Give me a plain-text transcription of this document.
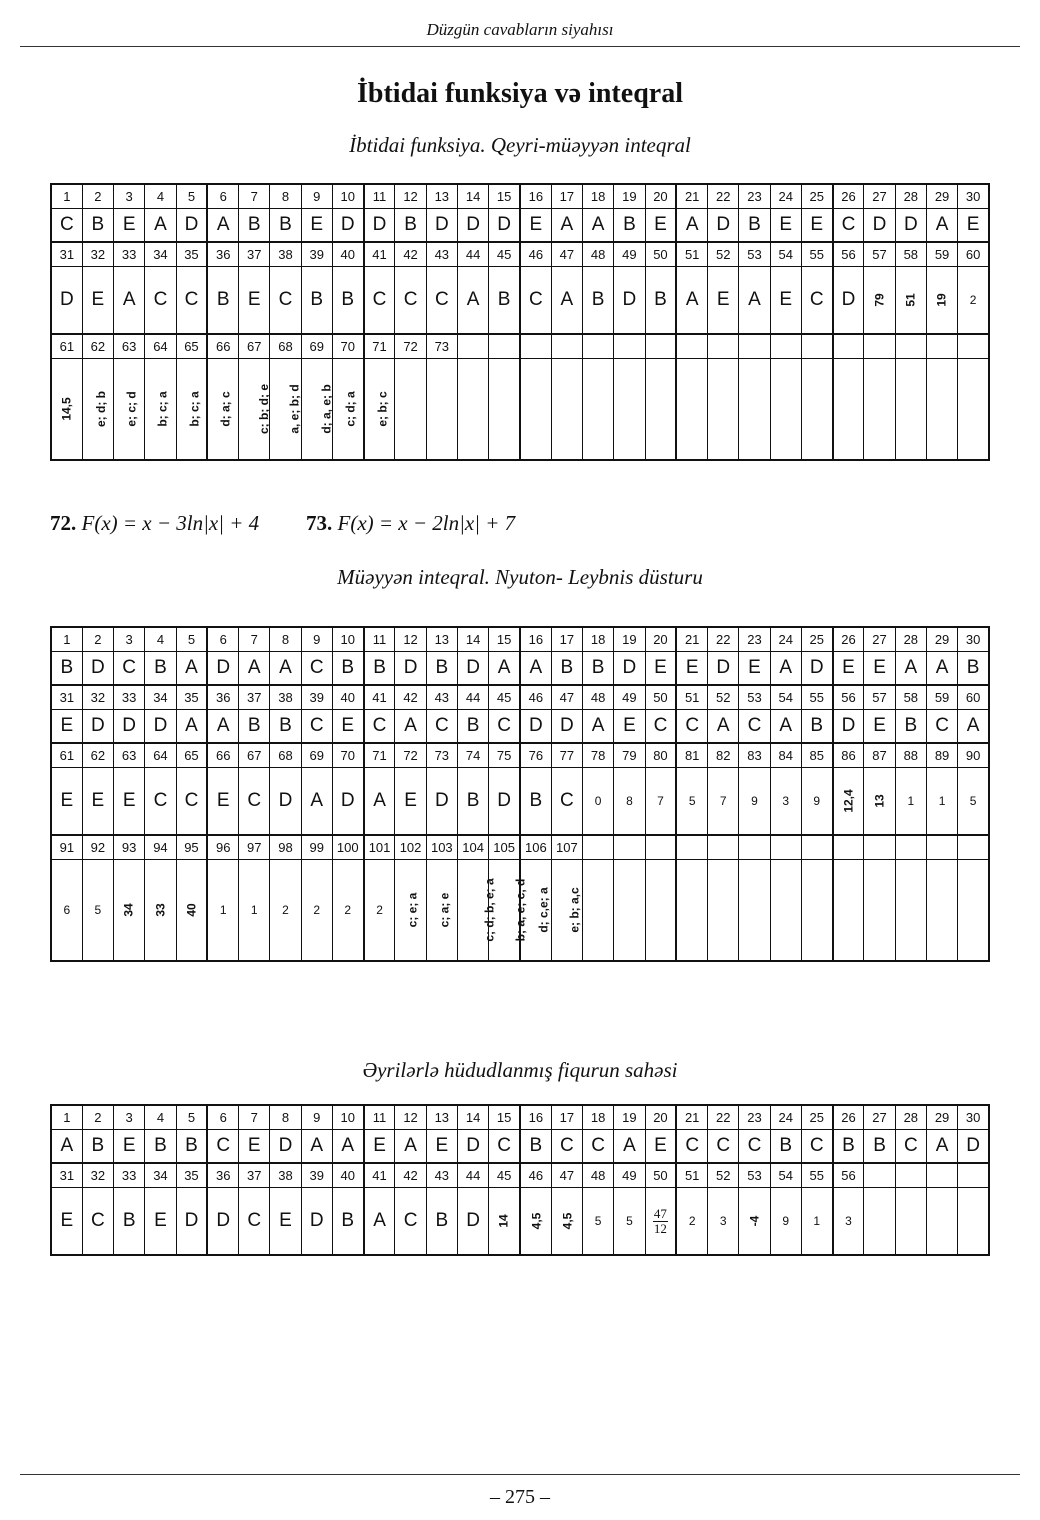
Düzgün cavabların siyahısı
İbtidai funksiya və inteqral
İbtidai funksiya. Qeyri-müəyyən inteqral
1	2	3	4	5	6	7	8	9	10	11	12	13	14	15	16	17	18	19	20	21	22	23	24	25	26	27	28	29	30
C	B	E	A	D	A	B	B	E	D	D	B	D	D	D	E	A	A	B	E	A	D	B	E	E	C	D	D	A	E
31	32	33	34	35	36	37	38	39	40	41	42	43	44	45	46	47	48	49	50	51	52	53	54	55	56	57	58	59	60
D	E	A	C	C	B	E	C	B	B	C	C	C	A	B	C	A	B	D	B	A	E	A	E	C	D	79	51	19	2
61	62	63	64	65	66	67	68	69	70	71	72	73																	
14,5	e; d; b	e; c; d	b; c; a	b; c; a	d; a; c	c; b; d; e	a, e; b; d	d; a, e; b	c; d; a	e; b; c																			
72. F(x) = x − 3ln|x| + 4 73. F(x) = x − 2ln|x| + 7
Müəyyən inteqral. Nyuton- Leybnis düsturu
1	2	3	4	5	6	7	8	9	10	11	12	13	14	15	16	17	18	19	20	21	22	23	24	25	26	27	28	29	30
B	D	C	B	A	D	A	A	C	B	B	D	B	D	A	A	B	B	D	E	E	D	E	A	D	E	E	A	A	B
31	32	33	34	35	36	37	38	39	40	41	42	43	44	45	46	47	48	49	50	51	52	53	54	55	56	57	58	59	60
E	D	D	D	A	A	B	B	C	E	C	A	C	B	C	D	D	A	E	C	C	A	C	A	B	D	E	B	C	A
61	62	63	64	65	66	67	68	69	70	71	72	73	74	75	76	77	78	79	80	81	82	83	84	85	86	87	88	89	90
E	E	E	C	C	E	C	D	A	D	A	E	D	B	D	B	C	0	8	7	5	7	9	3	9	12,4	13	1	1	5
91	92	93	94	95	96	97	98	99	100	101	102	103	104	105	106	107													
6	5	34	33	40	1	1	2	2	2	2	c; e; a	c; a; e	c; d; b, e; a	b; a, e; c, d	d; c,e; a	e; b; a,c													
Əyrilərlə hüdudlanmış fiqurun sahəsi
1	2	3	4	5	6	7	8	9	10	11	12	13	14	15	16	17	18	19	20	21	22	23	24	25	26	27	28	29	30
A	B	E	B	B	C	E	D	A	A	E	A	E	D	C	B	C	C	A	E	C	C	C	B	C	B	B	C	A	D
31	32	33	34	35	36	37	38	39	40	41	42	43	44	45	46	47	48	49	50	51	52	53	54	55	56				
E	C	B	E	D	D	C	E	D	B	A	C	B	D	14	4,5	4,5	5	5	$\frac{47}{12}$	2	3	-4	9	1	3				
– 275 –
